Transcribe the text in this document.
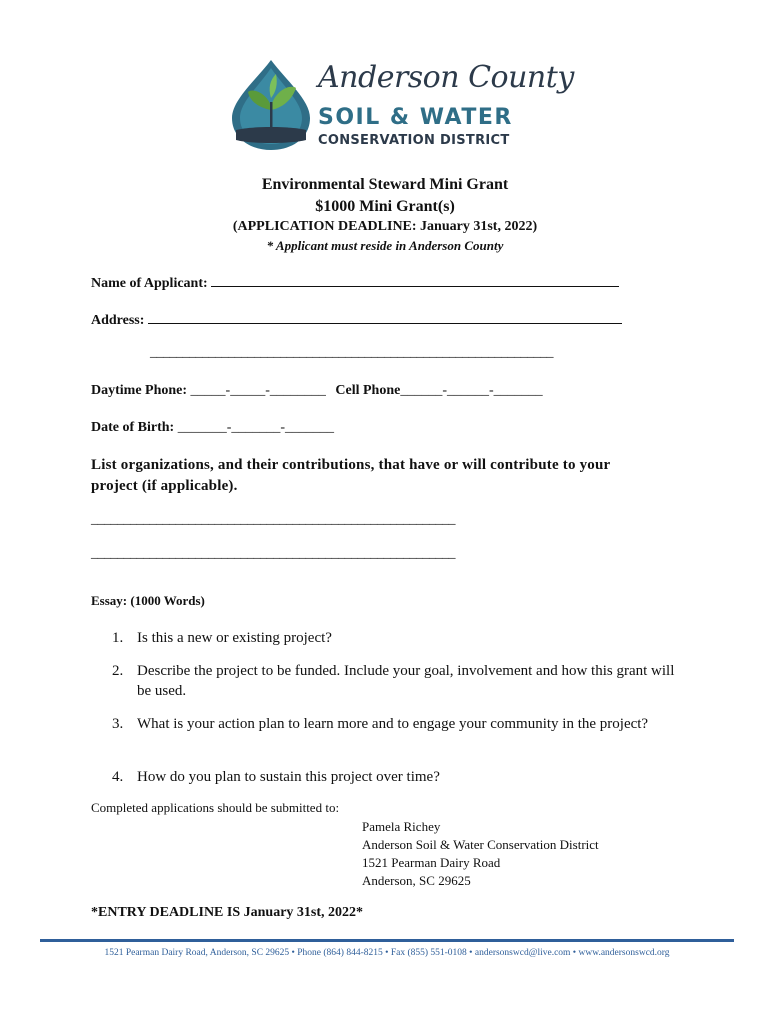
Anderson County
SOIL & WATER
CONSERVATION DISTRICT
Environmental Steward Mini Grant
$1000 Mini Grant(s)
(APPLICATION DEADLINE: January 31st, 2022)
* Applicant must reside in Anderson County
Name of Applicant:
Address:
______________________________________________________________
Daytime Phone: _____-_____-________ Cell Phone______-______-_______
Date of Birth: _______-_______-_______
List organizations, and their contributions, that have or will contribute to your
project (if applicable).
________________________________________________________
________________________________________________________
Essay: (1000 Words)
1. Is this a new or existing project?
2. Describe the project to be funded. Include your goal, involvement and how this grant will be used.
3. What is your action plan to learn more and to engage your community in the project?
4. How do you plan to sustain this project over time?
Completed applications should be submitted to:
Pamela Richey
Anderson Soil & Water Conservation District
1521 Pearman Dairy Road
Anderson, SC 29625
*ENTRY DEADLINE IS January 31st, 2022*
1521 Pearman Dairy Road, Anderson, SC 29625 • Phone (864) 844-8215 • Fax (855) 551-0108 • andersonswcd@live.com • www.andersonswcd.org
